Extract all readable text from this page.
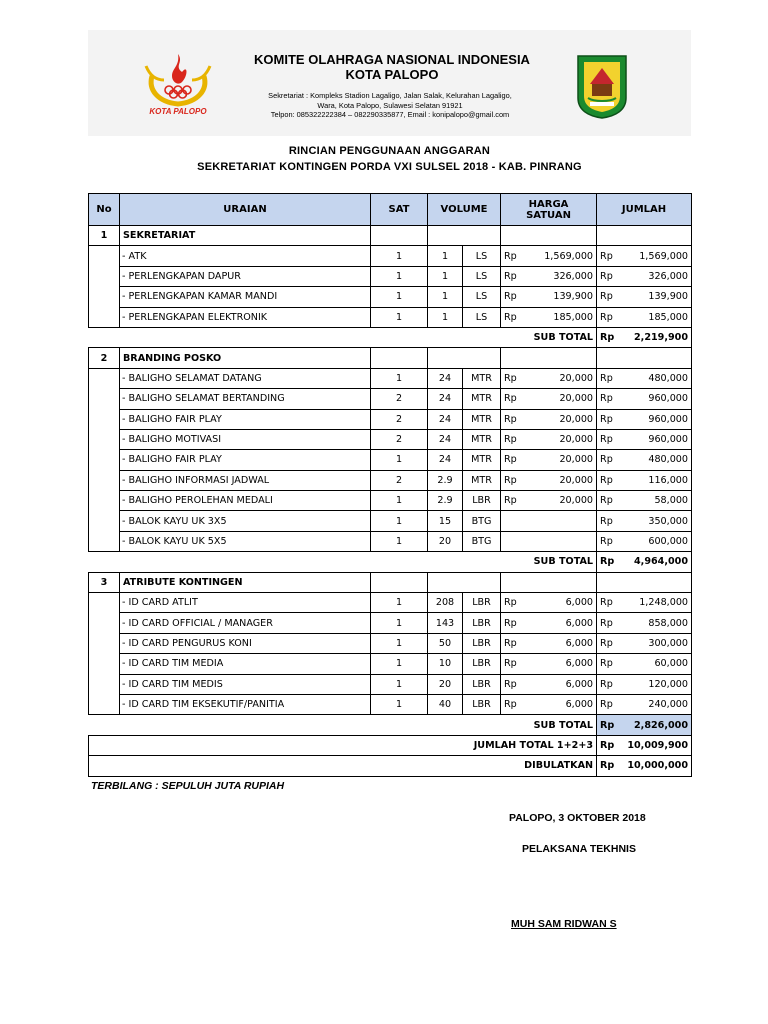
KOTA PALOPO
KOMITE OLAHRAGA NASIONAL INDONESIA
KOTA PALOPO
Sekretariat : Kompleks Stadion Lagaligo, Jalan Salak, Kelurahan Lagaligo,
Wara, Kota Palopo, Sulawesi Selatan 91921
Telpon: 085322222384 – 082290335877, Email : konipalopo@gmail.com
RINCIAN PENGGUNAAN ANGGARAN
SEKRETARIAT KONTINGEN PORDA VXI SULSEL 2018 - KAB. PINRANG
No	URAIAN	SAT	VOLUME		HARGA
SATUAN		JUMLAH	
1	SEKRETARIAT							
	- ATK	1	1	LS	Rp	1,569,000	Rp	1,569,000
	- PERLENGKAPAN DAPUR	1	1	LS	Rp	326,000	Rp	326,000
	- PERLENGKAPAN KAMAR MANDI	1	1	LS	Rp	139,900	Rp	139,900
	- PERLENGKAPAN ELEKTRONIK	1	1	LS	Rp	185,000	Rp	185,000
SUB TOTAL							Rp	2,219,900
2	BRANDING POSKO							
	- BALIGHO SELAMAT DATANG	1	24	MTR	Rp	20,000	Rp	480,000
	- BALIGHO SELAMAT BERTANDING	2	24	MTR	Rp	20,000	Rp	960,000
	- BALIGHO FAIR PLAY	2	24	MTR	Rp	20,000	Rp	960,000
	- BALIGHO MOTIVASI	2	24	MTR	Rp	20,000	Rp	960,000
	- BALIGHO FAIR PLAY	1	24	MTR	Rp	20,000	Rp	480,000
	- BALIGHO INFORMASI JADWAL	2	2.9	MTR	Rp	20,000	Rp	116,000
	- BALIGHO PEROLEHAN MEDALI	1	2.9	LBR	Rp	20,000	Rp	58,000
	- BALOK KAYU UK 3X5	1	15	BTG			Rp	350,000
	- BALOK KAYU UK 5X5	1	20	BTG			Rp	600,000
SUB TOTAL							Rp	4,964,000
3	ATRIBUTE KONTINGEN							
	- ID CARD ATLIT	1	208	LBR	Rp	6,000	Rp	1,248,000
	- ID CARD OFFICIAL / MANAGER	1	143	LBR	Rp	6,000	Rp	858,000
	- ID CARD PENGURUS KONI	1	50	LBR	Rp	6,000	Rp	300,000
	- ID CARD TIM MEDIA	1	10	LBR	Rp	6,000	Rp	60,000
	- ID CARD TIM MEDIS	1	20	LBR	Rp	6,000	Rp	120,000
	- ID CARD TIM EKSEKUTIF/PANITIA	1	40	LBR	Rp	6,000	Rp	240,000
SUB TOTAL							Rp	2,826,000
JUMLAH TOTAL 1+2+3							Rp	10,009,900
DIBULATKAN							Rp	10,000,000
TERBILANG : SEPULUH JUTA RUPIAH
PALOPO, 3 OKTOBER 2018
PELAKSANA TEKHNIS
MUH SAM RIDWAN S
